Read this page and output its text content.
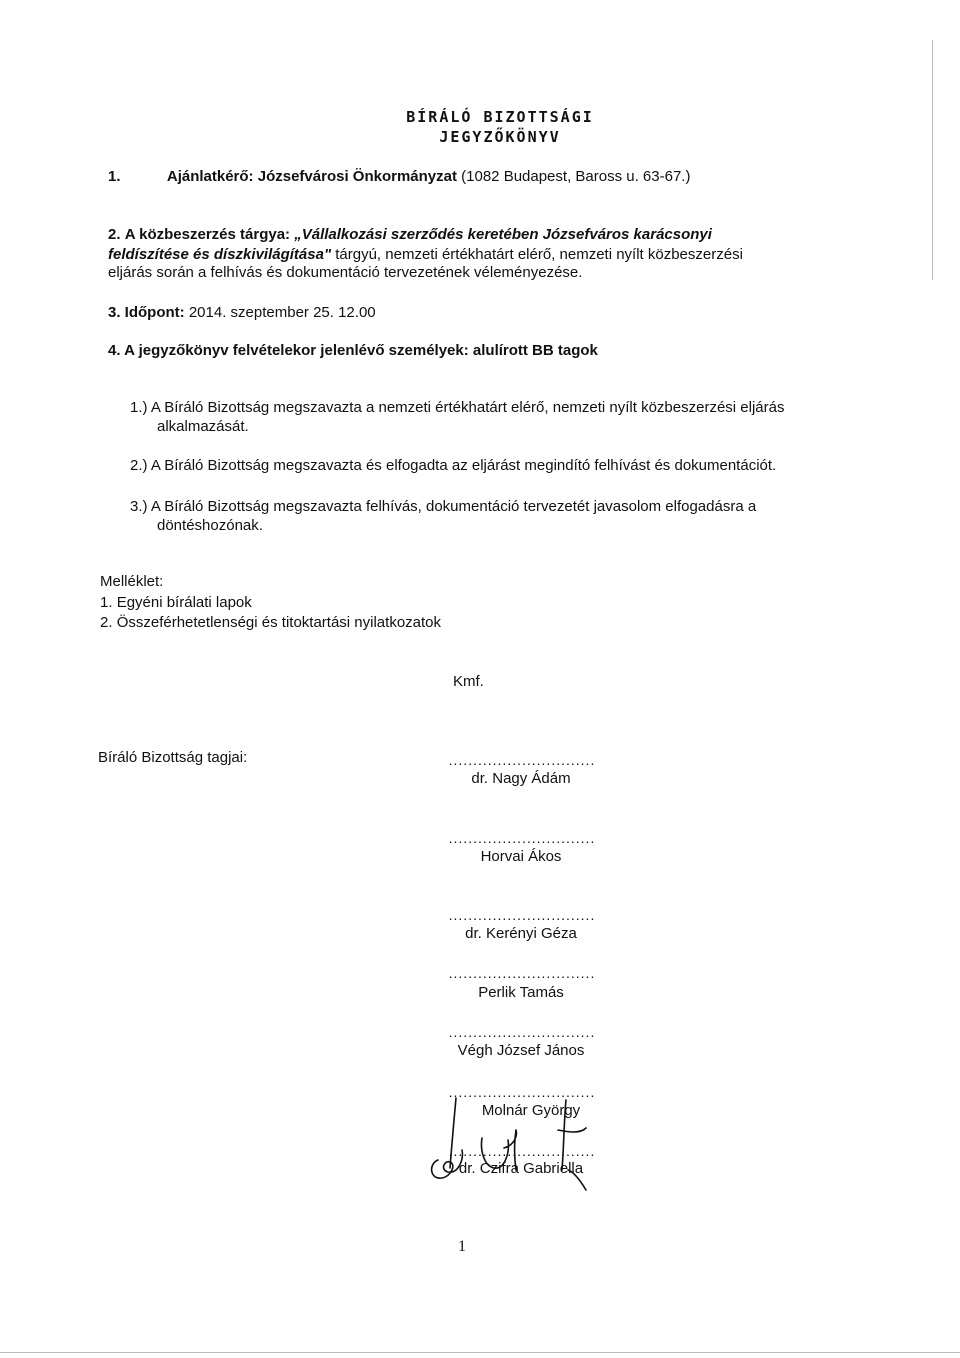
BÍRÁLÓ BIZOTTSÁGI
JEGYZŐKÖNYV
1.	Ajánlatkérő: Józsefvárosi Önkormányzat (1082 Budapest, Baross u. 63-67.)
2. A közbeszerzés tárgya: „Vállalkozási szerződés keretében Józsefváros karácsonyi
feldíszítése és díszkivilágítása" tárgyú, nemzeti értékhatárt elérő, nemzeti nyílt közbeszerzési
eljárás során a felhívás és dokumentáció tervezetének véleményezése.
3. Időpont: 2014. szeptember 25. 12.00
4. A jegyzőkönyv felvételekor jelenlévő személyek: alulírott BB tagok
1.) A Bíráló Bizottság megszavazta a nemzeti értékhatárt elérő, nemzeti nyílt közbeszerzési eljárás
alkalmazását.
2.) A Bíráló Bizottság megszavazta és elfogadta az eljárást megindító felhívást és dokumentációt.
3.) A Bíráló Bizottság megszavazta felhívás, dokumentáció tervezetét javasolom elfogadásra a
döntéshozónak.
Melléklet:
1. Egyéni bírálati lapok
2. Összeférhetetlenségi és titoktartási nyilatkozatok
Kmf.
Bíráló Bizottság tagjai:	..............................
dr. Nagy Ádám
..............................
Horvai Ákos
..............................
dr. Kerényi Géza
..............................
Perlik Tamás
..............................
Végh József János
..............................
Molnár György
..............................
dr. Czifra Gabriella
1
